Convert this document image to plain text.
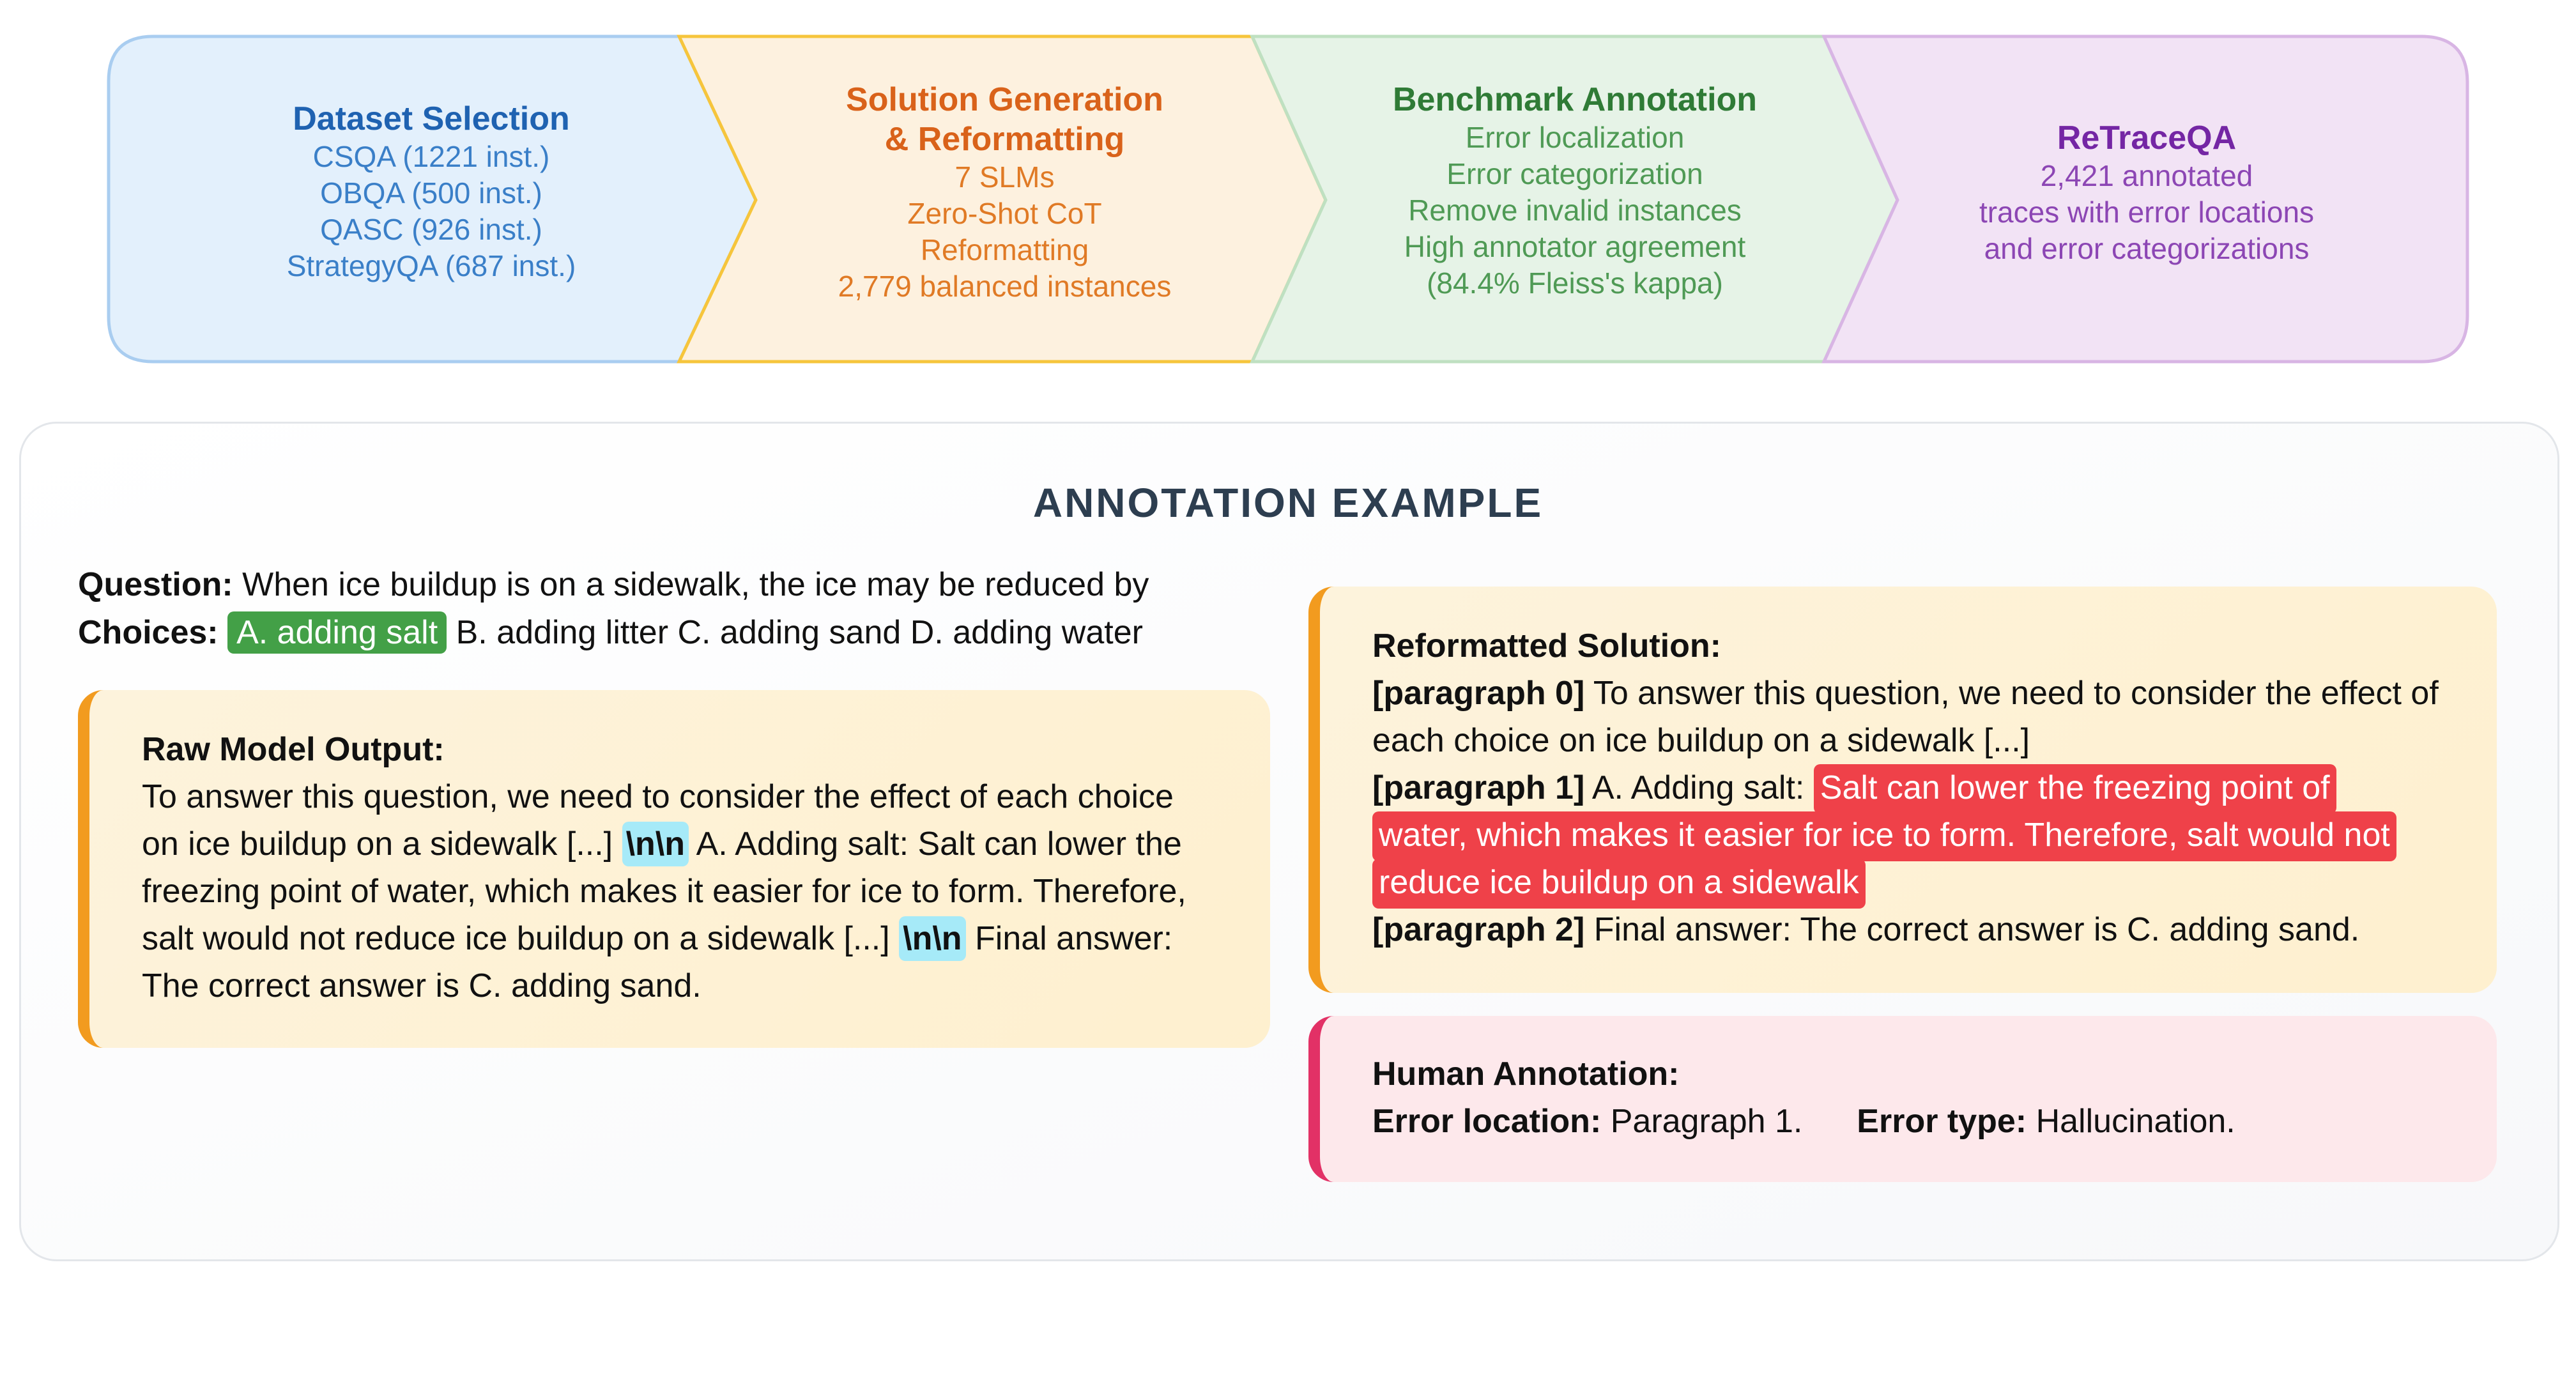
Dataset Selection
CSQA (1221 inst.)
OBQA (500 inst.)
QASC (926 inst.)
StrategyQA (687 inst.)
Solution Generation
& Reformatting
7 SLMs
Zero-Shot CoT
Reformatting
2,779 balanced instances
Benchmark Annotation
Error localization
Error categorization
Remove invalid instances
High annotator agreement
(84.4% Fleiss's kappa)
ReTraceQA
2,421 annotated
traces with error locations
and error categorizations
ANNOTATION EXAMPLE
Question: When ice buildup is on a sidewalk, the ice may be reduced by
Choices: A. adding salt B. adding litter C. adding sand D. adding water
Raw Model Output:
To answer this question, we need to consider the effect of each choice
on ice buildup on a sidewalk [...] \n\n A. Adding salt: Salt can lower the
freezing point of water, which makes it easier for ice to form. Therefore,
salt would not reduce ice buildup on a sidewalk [...] \n\n Final answer:
The correct answer is C. adding sand.
Reformatted Solution:
[paragraph 0] To answer this question, we need to consider the effect of
each choice on ice buildup on a sidewalk [...]
[paragraph 1] A. Adding salt: Salt can lower the freezing point of
water, which makes it easier for ice to form. Therefore, salt would not
reduce ice buildup on a sidewalk
[paragraph 2] Final answer: The correct answer is C. adding sand.
Human Annotation:
Error location: Paragraph 1. Error type: Hallucination.
